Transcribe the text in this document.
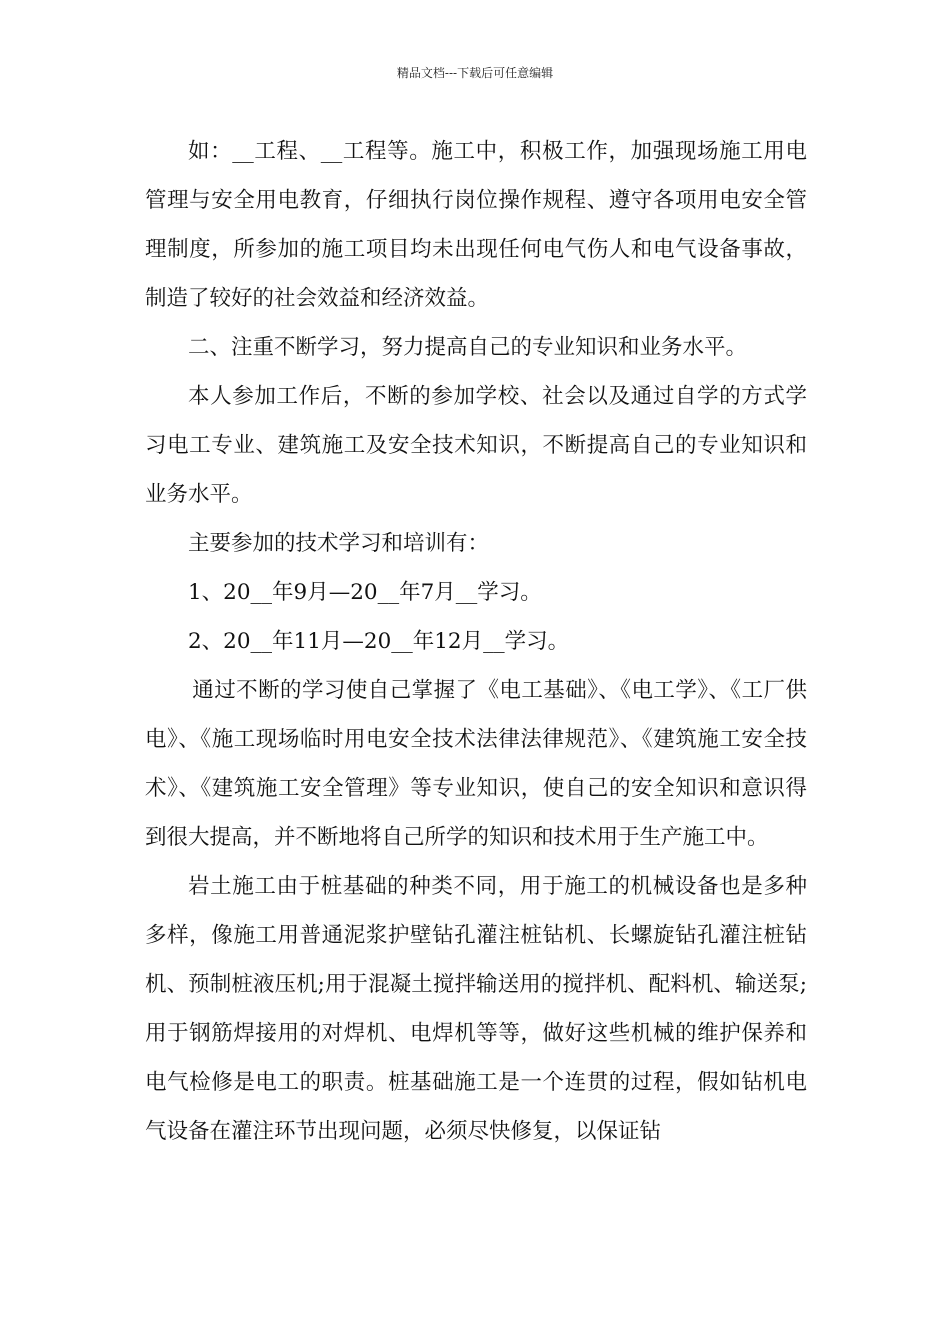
精品文档---下载后可任意编辑

如：__工程、__工程等。施工中，积极工作，加强现场施工用电管理与安全用电教育，仔细执行岗位操作规程、遵守各项用电安全管理制度，所参加的施工项目均未出现任何电气伤人和电气设备事故，制造了较好的社会效益和经济效益。

二、注重不断学习，努力提高自己的专业知识和业务水平。

本人参加工作后，不断的参加学校、社会以及通过自学的方式学习电工专业、建筑施工及安全技术知识，不断提高自己的专业知识和业务水平。

主要参加的技术学习和培训有：

1、20__年9月—20__年7月__学习。

2、20__年11月—20__年12月__学习。

通过不断的学习使自己掌握了《电工基础》、《电工学》、《工厂供电》、《施工现场临时用电安全技术法律法律规范》、《建筑施工安全技术》、《建筑施工安全管理》等专业知识，使自己的安全知识和意识得到很大提高，并不断地将自己所学的知识和技术用于生产施工中。

岩土施工由于桩基础的种类不同，用于施工的机械设备也是多种多样，像施工用普通泥浆护壁钻孔灌注桩钻机、长螺旋钻孔灌注桩钻机、预制桩液压机;用于混凝土搅拌输送用的搅拌机、配料机、输送泵;用于钢筋焊接用的对焊机、电焊机等等，做好这些机械的维护保养和电气检修是电工的职责。桩基础施工是一个连贯的过程，假如钻机电气设备在灌注环节出现问题，必须尽快修复，以保证钻
